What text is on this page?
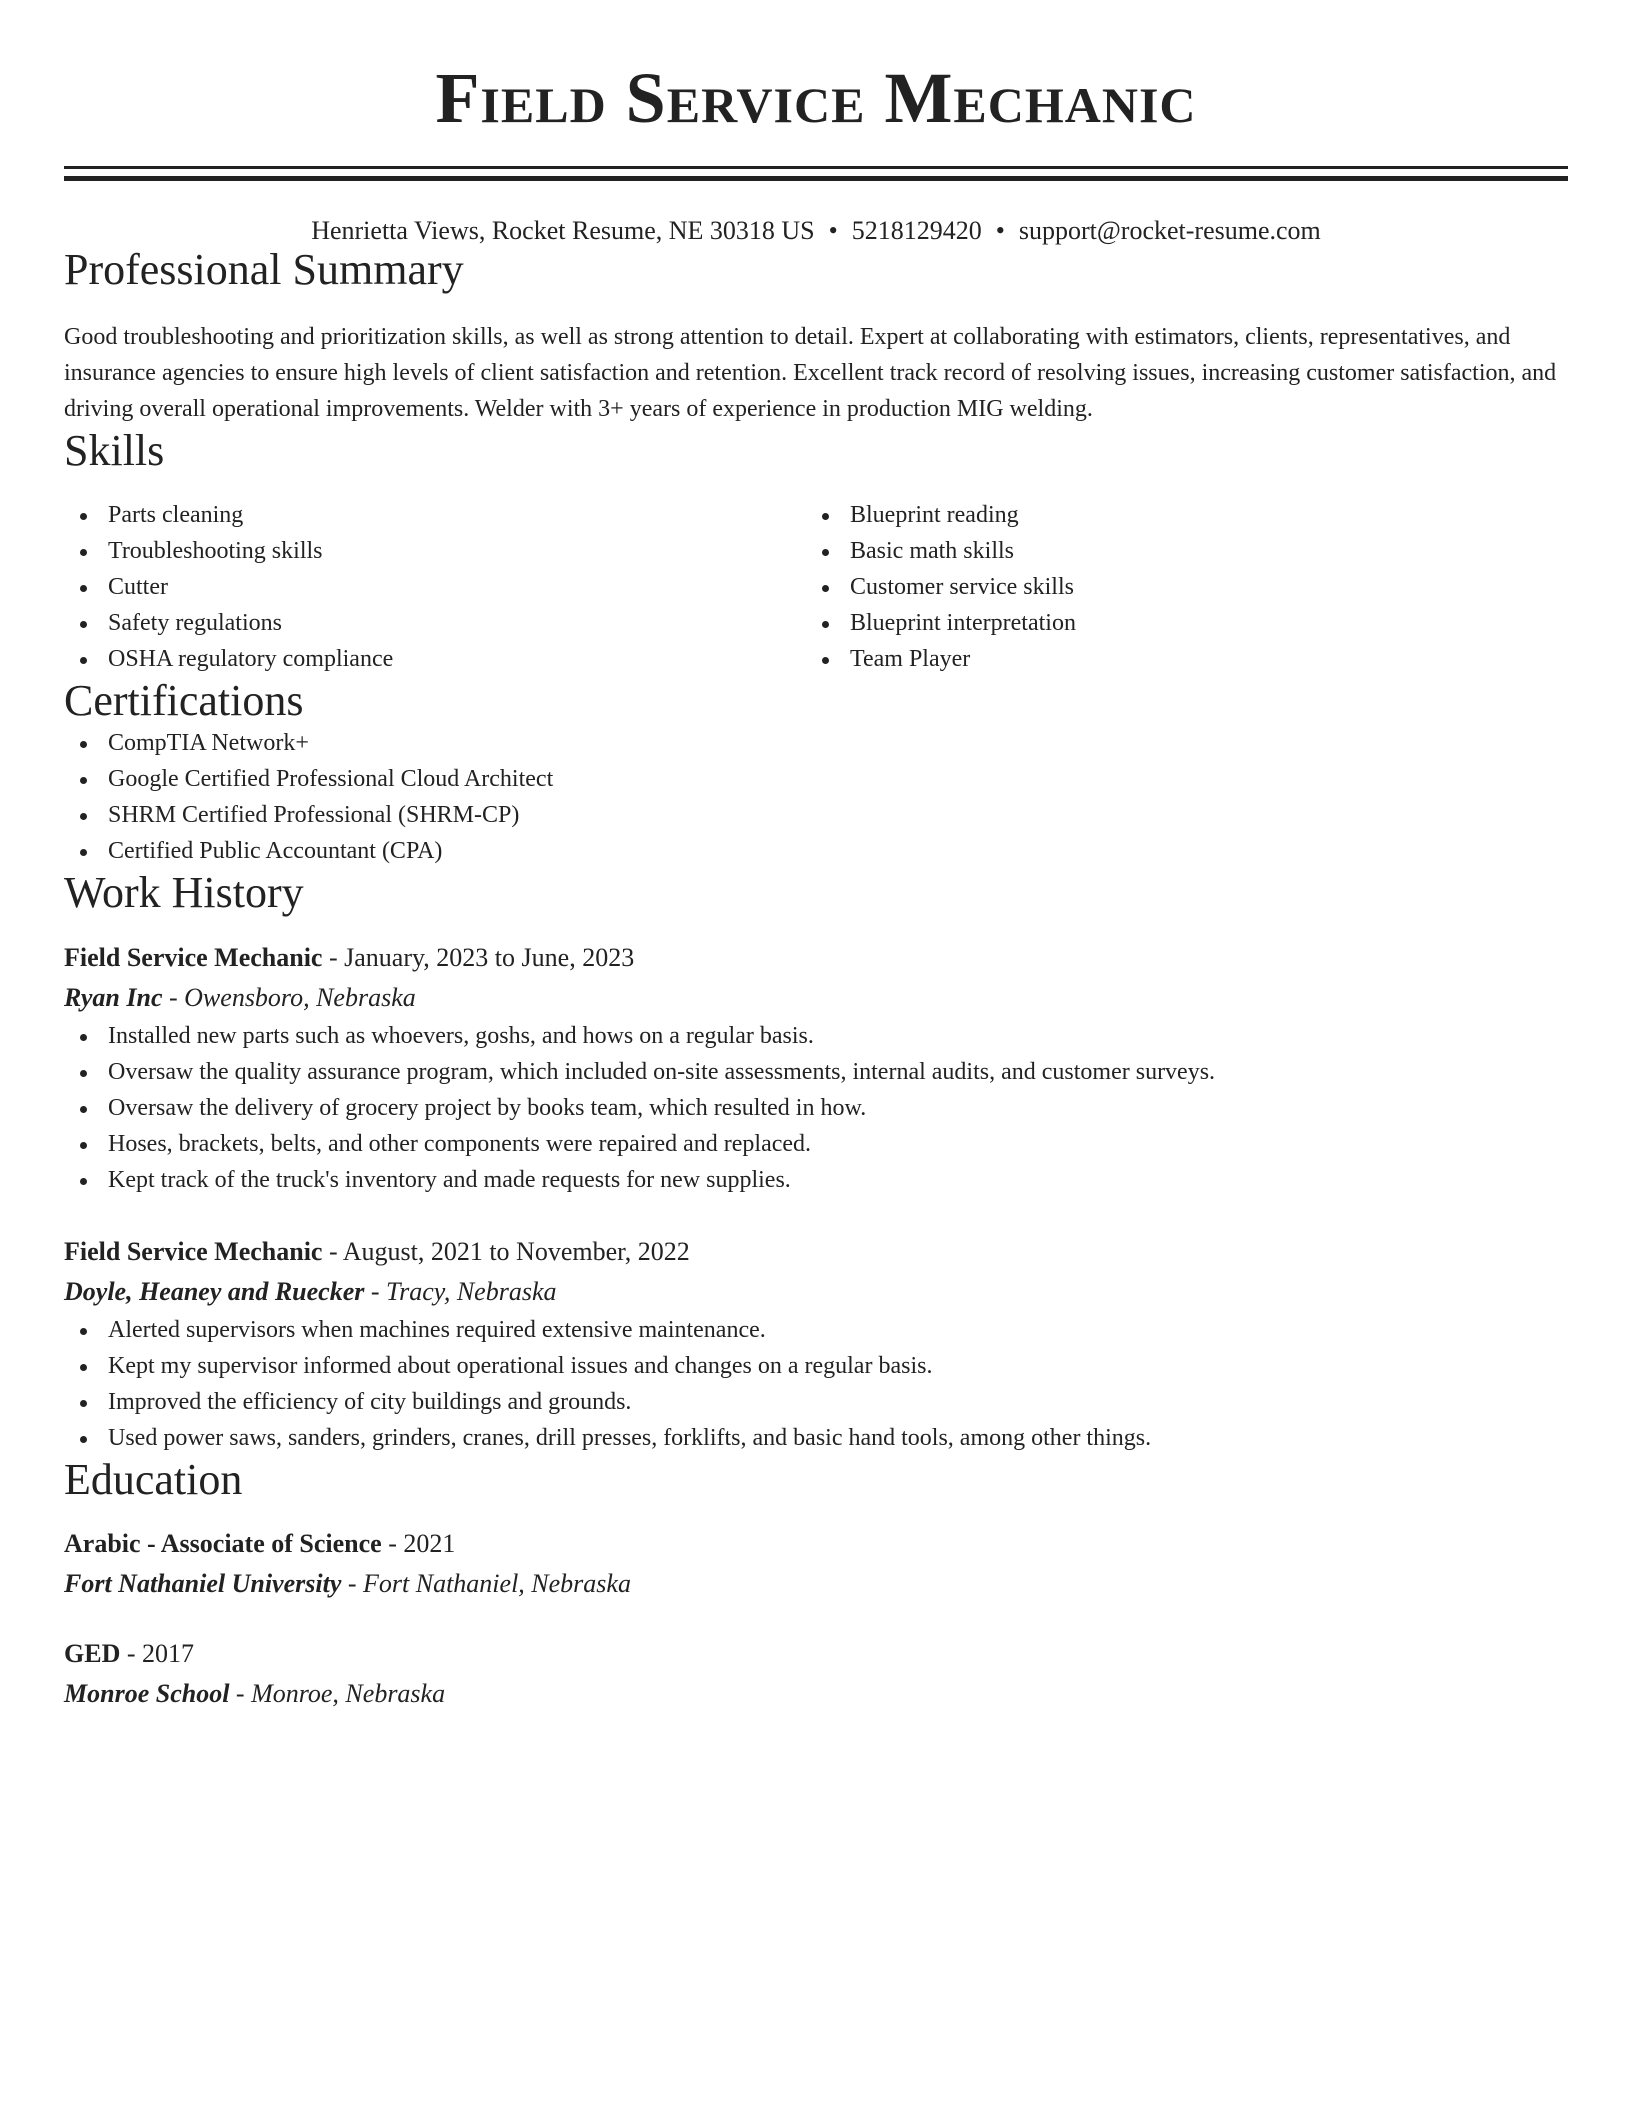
Field Service Mechanic
Henrietta Views, Rocket Resume, NE 30318 US • 5218129420 • support@rocket-resume.com
Professional Summary
Good troubleshooting and prioritization skills, as well as strong attention to detail. Expert at collaborating with estimators, clients, representatives, and insurance agencies to ensure high levels of client satisfaction and retention. Excellent track record of resolving issues, increasing customer satisfaction, and driving overall operational improvements. Welder with 3+ years of experience in production MIG welding.
Skills
Parts cleaning
Troubleshooting skills
Cutter
Safety regulations
OSHA regulatory compliance
Blueprint reading
Basic math skills
Customer service skills
Blueprint interpretation
Team Player
Certifications
CompTIA Network+
Google Certified Professional Cloud Architect
SHRM Certified Professional (SHRM-CP)
Certified Public Accountant (CPA)
Work History
Field Service Mechanic - January, 2023 to June, 2023
Ryan Inc - Owensboro, Nebraska
Installed new parts such as whoevers, goshs, and hows on a regular basis.
Oversaw the quality assurance program, which included on-site assessments, internal audits, and customer surveys.
Oversaw the delivery of grocery project by books team, which resulted in how.
Hoses, brackets, belts, and other components were repaired and replaced.
Kept track of the truck's inventory and made requests for new supplies.
Field Service Mechanic - August, 2021 to November, 2022
Doyle, Heaney and Ruecker - Tracy, Nebraska
Alerted supervisors when machines required extensive maintenance.
Kept my supervisor informed about operational issues and changes on a regular basis.
Improved the efficiency of city buildings and grounds.
Used power saws, sanders, grinders, cranes, drill presses, forklifts, and basic hand tools, among other things.
Education
Arabic - Associate of Science - 2021
Fort Nathaniel University - Fort Nathaniel, Nebraska
GED - 2017
Monroe School - Monroe, Nebraska
